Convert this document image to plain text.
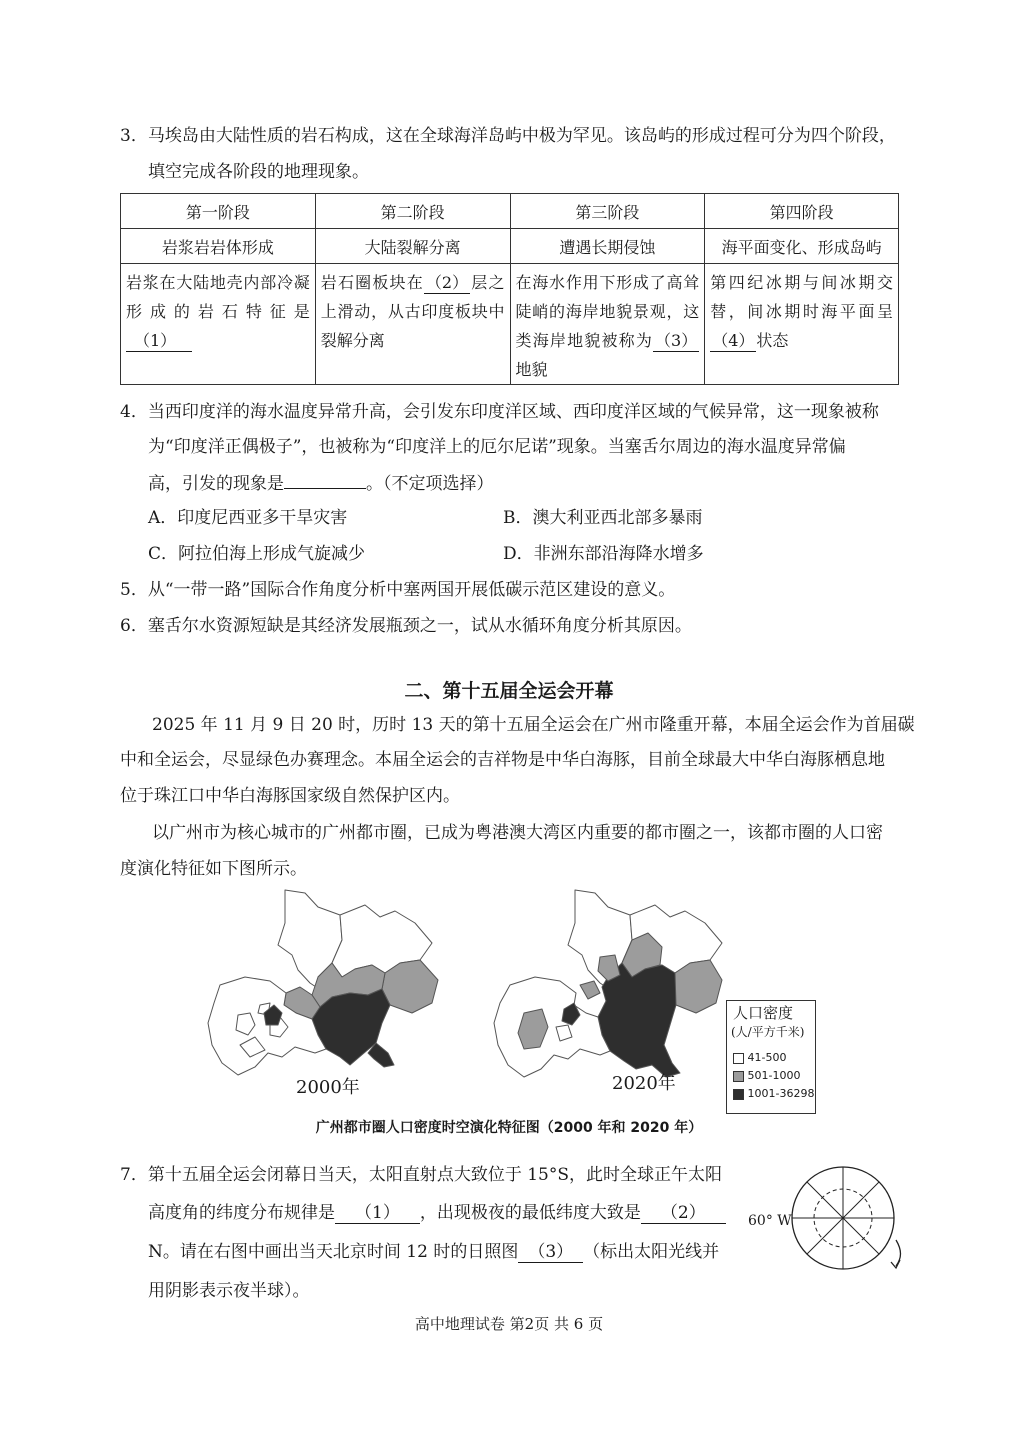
3．马埃岛由大陆性质的岩石构成，这在全球海洋岛屿中极为罕见。该岛屿的形成过程可分为四个阶段，
填空完成各阶段的地理现象。
第一阶段	第二阶段	第三阶段	第四阶段
岩浆岩岩体形成	大陆裂解分离	遭遇长期侵蚀	海平面变化、形成岛屿
岩浆在大陆地壳内部冷凝形成的岩石特征是（1）	岩石圈板块在 （2） 层之上滑动，从古印度板块中裂解分离	在海水作用下形成了高耸陡峭的海岸地貌景观，这类海岸地貌被称为 （3）地貌	第四纪冰期与间冰期交替，间冰期时海平面呈（4） 状态
4．当西印度洋的海水温度异常升高，会引发东印度洋区域、西印度洋区域的气候异常，这一现象被称
为“印度洋正偶极子”，也被称为“印度洋上的厄尔尼诺”现象。当塞舌尔周边的海水温度异常偏
高，引发的现象是	。（不定项选择）
A．印度尼西亚多干旱灾害	B．澳大利亚西北部多暴雨
C．阿拉伯海上形成气旋减少	D．非洲东部沿海降水增多
5．从“一带一路”国际合作角度分析中塞两国开展低碳示范区建设的意义。
6．塞舌尔水资源短缺是其经济发展瓶颈之一，试从水循环角度分析其原因。
二、第十五届全运会开幕
2025 年 11 月 9 日 20 时，历时 13 天的第十五届全运会在广州市隆重开幕，本届全运会作为首届碳
中和全运会，尽显绿色办赛理念。本届全运会的吉祥物是中华白海豚，目前全球最大中华白海豚栖息地
位于珠江口中华白海豚国家级自然保护区内。
以广州市为核心城市的广州都市圈，已成为粤港澳大湾区内重要的都市圈之一，该都市圈的人口密
度演化特征如下图所示。
2000年	2020年
人口密度
(人/平方千米)
41-500
501-1000
1001-36298
广州都市圈人口密度时空演化特征图（2000 年和 2020 年）
7．第十五届全运会闭幕日当天，太阳直射点大致位于 15°S，此时全球正午太阳
高度角的纬度分布规律是 （1） ，出现极夜的最低纬度大致是 （2）
N。请在右图中画出当天北京时间 12 时的日照图 （3） （标出太阳光线并
用阴影表示夜半球）。
60° W
高中地理试卷 第2页 共 6 页
